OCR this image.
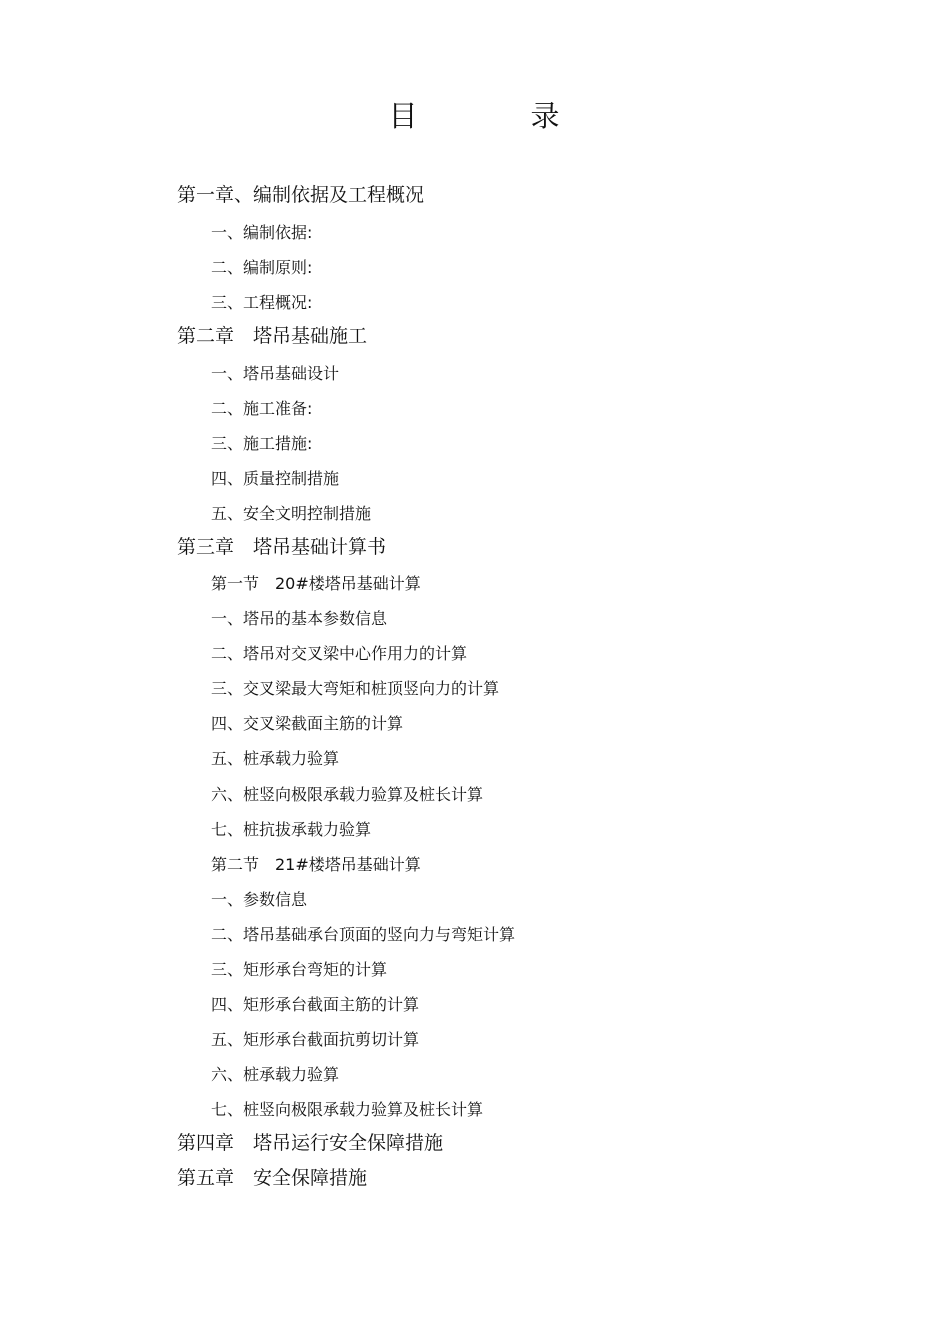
目　录
第一章、编制依据及工程概况
一、编制依据:
二、编制原则:
三、工程概况:
第二章　塔吊基础施工
一、塔吊基础设计
二、施工准备:
三、施工措施:
四、质量控制措施
五、安全文明控制措施
第三章　塔吊基础计算书
第一节　20#楼塔吊基础计算
一、塔吊的基本参数信息
二、塔吊对交叉梁中心作用力的计算
三、交叉梁最大弯矩和桩顶竖向力的计算
四、交叉梁截面主筋的计算
五、桩承载力验算
六、桩竖向极限承载力验算及桩长计算
七、桩抗拔承载力验算
第二节　21#楼塔吊基础计算
一、参数信息
二、塔吊基础承台顶面的竖向力与弯矩计算
三、矩形承台弯矩的计算
四、矩形承台截面主筋的计算
五、矩形承台截面抗剪切计算
六、桩承载力验算
七、桩竖向极限承载力验算及桩长计算
第四章　塔吊运行安全保障措施
第五章　安全保障措施
